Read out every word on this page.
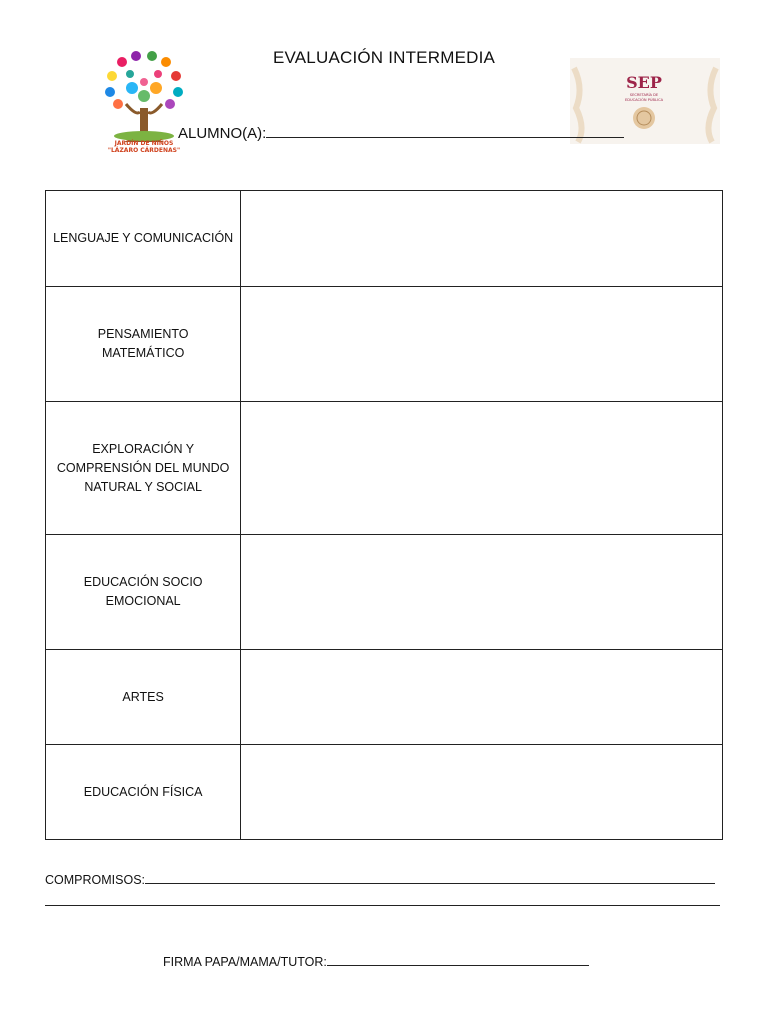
EVALUACIÓN INTERMEDIA
JARDÍN DE NIÑOS
"LÁZARO CÁRDENAS"
SEP
SECRETARÍA DE
EDUCACIÓN PÚBLICA
ALUMNO(A):
LENGUAJE Y COMUNICACIÓN	

PENSAMIENTO
MATEMÁTICO	

EXPLORACIÓN Y
COMPRENSIÓN DEL MUNDO
NATURAL Y SOCIAL	

EDUCACIÓN SOCIO
EMOCIONAL	

ARTES	

EDUCACIÓN FÍSICA	

COMPROMISOS:
FIRMA PAPA/MAMA/TUTOR:
